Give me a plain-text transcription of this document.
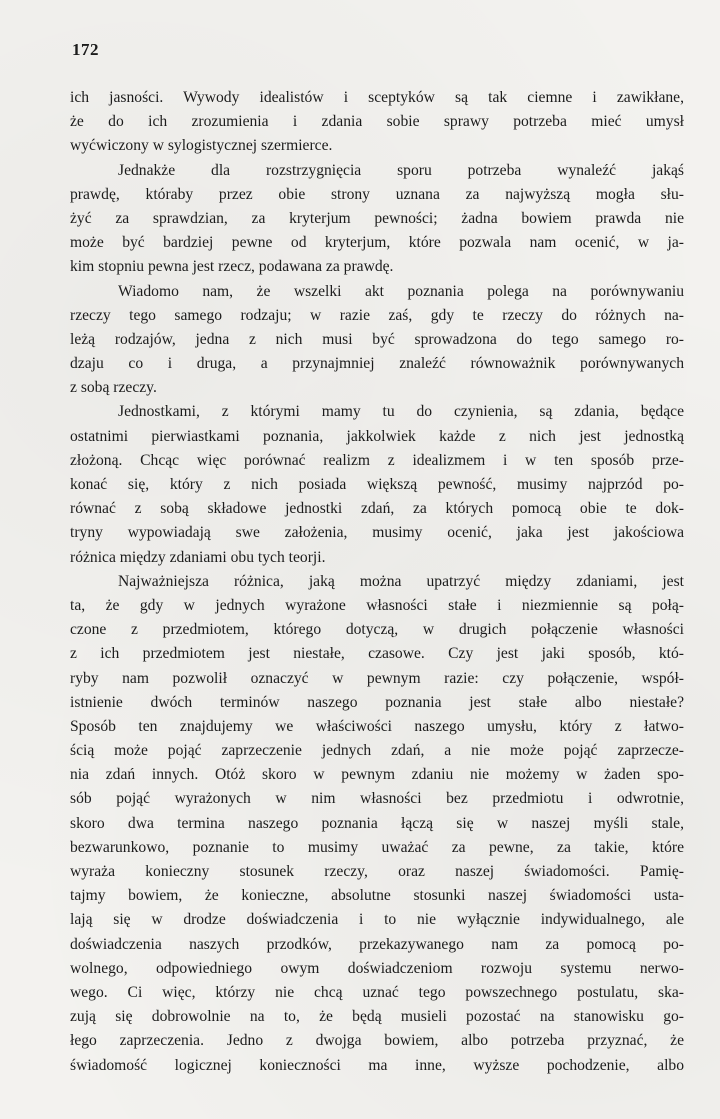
172
ich jasności. Wywody idealistów i sceptyków są tak ciemne i zawikłane,
że do ich zrozumienia i zdania sobie sprawy potrzeba mieć umysł
wyćwiczony w sylogistycznej szermierce.
Jednakże dla rozstrzygnięcia sporu potrzeba wynaleźć jakąś
prawdę, któraby przez obie strony uznana za najwyższą mogła słu-
żyć za sprawdzian, za kryterjum pewności; żadna bowiem prawda nie
może być bardziej pewne od kryterjum, które pozwala nam ocenić, w ja-
kim stopniu pewna jest rzecz, podawana za prawdę.
Wiadomo nam, że wszelki akt poznania polega na porównywaniu
rzeczy tego samego rodzaju; w razie zaś, gdy te rzeczy do różnych na-
leżą rodzajów, jedna z nich musi być sprowadzona do tego samego ro-
dzaju co i druga, a przynajmniej znaleźć równoważnik porównywanych
z sobą rzeczy.
Jednostkami, z którymi mamy tu do czynienia, są zdania, będące
ostatnimi pierwiastkami poznania, jakkolwiek każde z nich jest jednostką
złożoną. Chcąc więc porównać realizm z idealizmem i w ten sposób prze-
konać się, który z nich posiada większą pewność, musimy najprzód po-
równać z sobą składowe jednostki zdań, za których pomocą obie te dok-
tryny wypowiadają swe założenia, musimy ocenić, jaka jest jakościowa
różnica między zdaniami obu tych teorji.
Najważniejsza różnica, jaką można upatrzyć między zdaniami, jest
ta, że gdy w jednych wyrażone własności stałe i niezmiennie są połą-
czone z przedmiotem, którego dotyczą, w drugich połączenie własności
z ich przedmiotem jest niestałe, czasowe. Czy jest jaki sposób, któ-
ryby nam pozwolił oznaczyć w pewnym razie: czy połączenie, współ-
istnienie dwóch terminów naszego poznania jest stałe albo niestałe?
Sposób ten znajdujemy we właściwości naszego umysłu, który z łatwo-
ścią może pojąć zaprzeczenie jednych zdań, a nie może pojąć zaprzecze-
nia zdań innych. Otóż skoro w pewnym zdaniu nie możemy w żaden spo-
sób pojąć wyrażonych w nim własności bez przedmiotu i odwrotnie,
skoro dwa termina naszego poznania łączą się w naszej myśli stale,
bezwarunkowo, poznanie to musimy uważać za pewne, za takie, które
wyraża konieczny stosunek rzeczy, oraz naszej świadomości. Pamię-
tajmy bowiem, że konieczne, absolutne stosunki naszej świadomości usta-
lają się w drodze doświadczenia i to nie wyłącznie indywidualnego, ale
doświadczenia naszych przodków, przekazywanego nam za pomocą po-
wolnego, odpowiedniego owym doświadczeniom rozwoju systemu nerwo-
wego. Ci więc, którzy nie chcą uznać tego powszechnego postulatu, ska-
zują się dobrowolnie na to, że będą musieli pozostać na stanowisku go-
łego zaprzeczenia. Jedno z dwojga bowiem, albo potrzeba przyznać, że
świadomość logicznej konieczności ma inne, wyższe pochodzenie, albo
